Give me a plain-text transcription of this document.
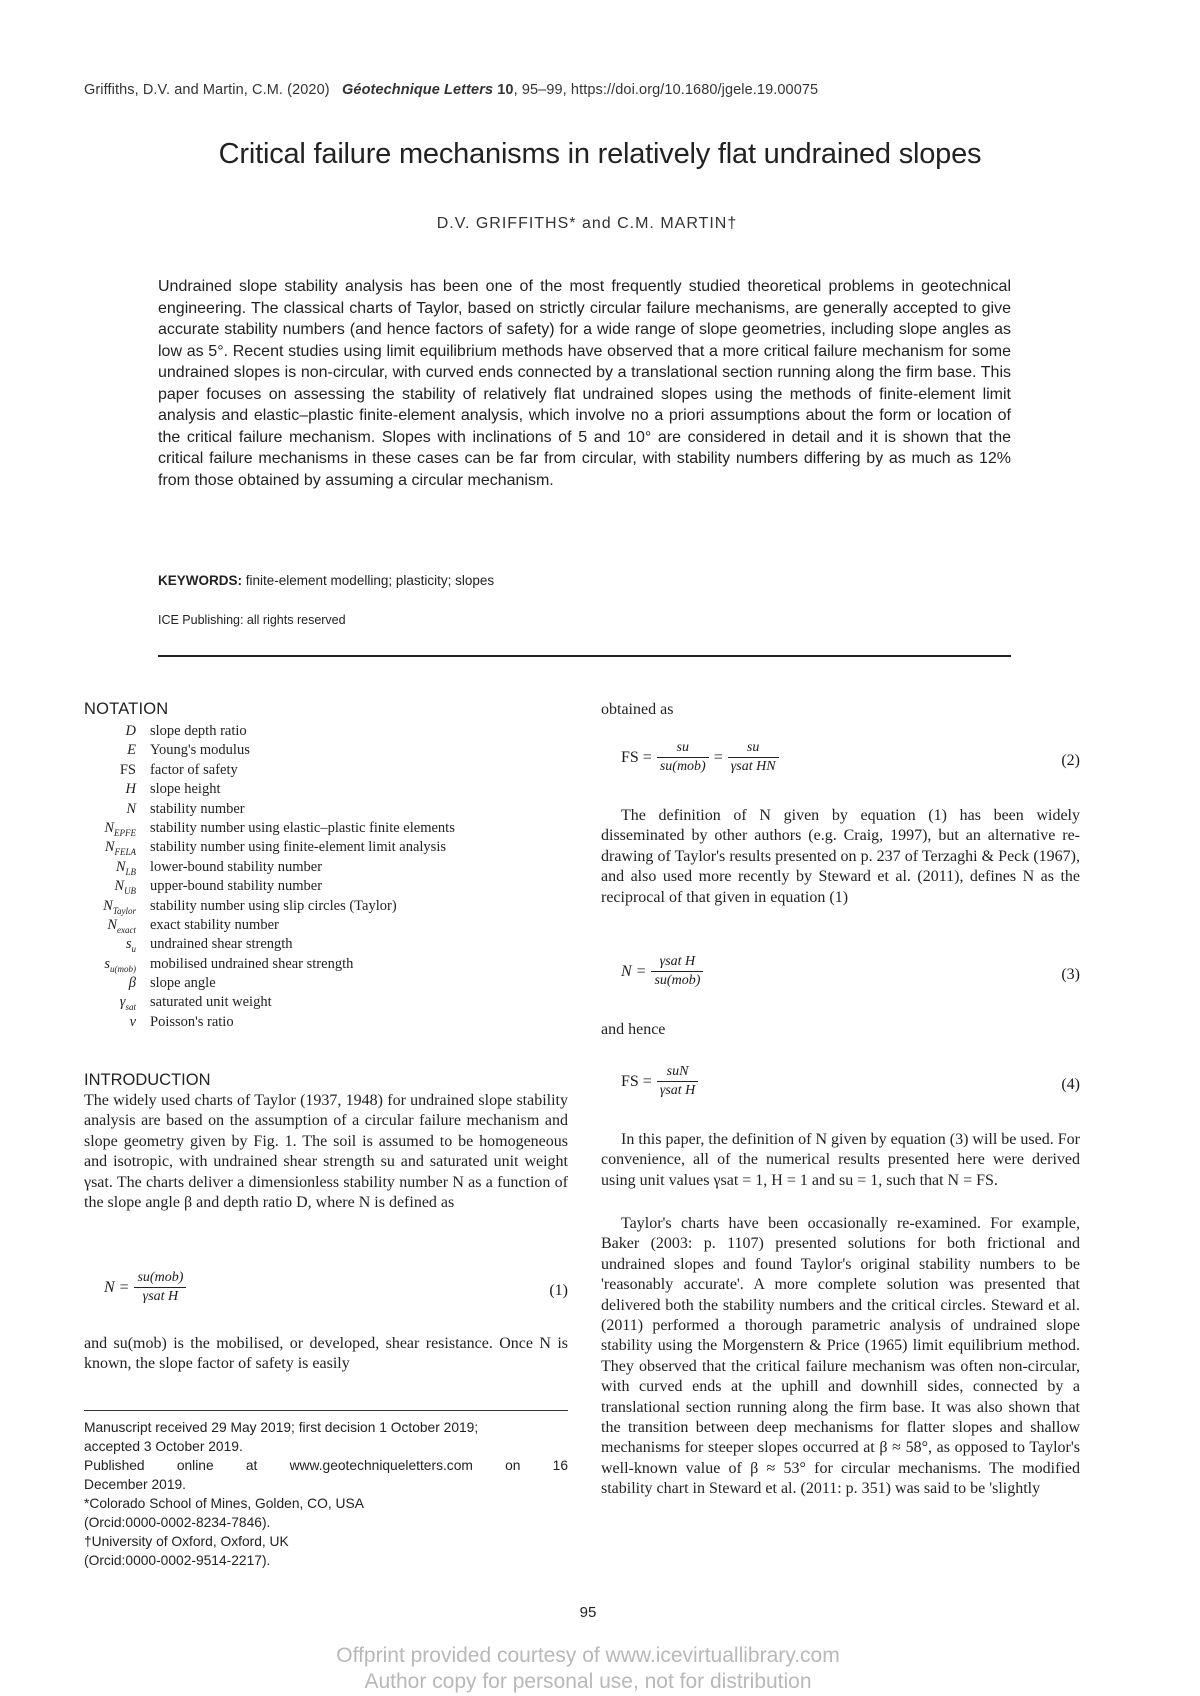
Griffiths, D.V. and Martin, C.M. (2020) Géotechnique Letters 10, 95–99, https://doi.org/10.1680/jgele.19.00075
Critical failure mechanisms in relatively flat undrained slopes
D.V. GRIFFITHS* and C.M. MARTIN†
Undrained slope stability analysis has been one of the most frequently studied theoretical problems in geotechnical engineering. The classical charts of Taylor, based on strictly circular failure mechanisms, are generally accepted to give accurate stability numbers (and hence factors of safety) for a wide range of slope geometries, including slope angles as low as 5°. Recent studies using limit equilibrium methods have observed that a more critical failure mechanism for some undrained slopes is non-circular, with curved ends connected by a translational section running along the firm base. This paper focuses on assessing the stability of relatively flat undrained slopes using the methods of finite-element limit analysis and elastic–plastic finite-element analysis, which involve no a priori assumptions about the form or location of the critical failure mechanism. Slopes with inclinations of 5 and 10° are considered in detail and it is shown that the critical failure mechanisms in these cases can be far from circular, with stability numbers differing by as much as 12% from those obtained by assuming a circular mechanism.
KEYWORDS: finite-element modelling; plasticity; slopes
ICE Publishing: all rights reserved
NOTATION
D slope depth ratio
E Young's modulus
FS factor of safety
H slope height
N stability number
$N_{EPFE}$ stability number using elastic–plastic finite elements
$N_{FELA}$ stability number using finite-element limit analysis
$N_{LB}$ lower-bound stability number
$N_{UB}$ upper-bound stability number
$N_{Taylor}$ stability number using slip circles (Taylor)
$N_{exact}$ exact stability number
$s_u$ undrained shear strength
$s_{u(mob)}$ mobilised undrained shear strength
β slope angle
$\gamma_{sat}$ saturated unit weight
ν Poisson's ratio
INTRODUCTION

The widely used charts of Taylor (1937, 1948) for undrained slope stability analysis are based on the assumption of a circular failure mechanism and slope geometry given by Fig. 1. The soil is assumed to be homogeneous and isotropic, with undrained shear strength su and saturated unit weight γsat. The charts deliver a dimensionless stability number N as a function of the slope angle β and depth ratio D, where N is defined as

$N = \frac{\text{su(mob)}}{\text{γsat H}}$	(1)

and su(mob) is the mobilised, or developed, shear resistance. Once N is known, the slope factor of safety is easily

Manuscript received 29 May 2019; first decision 1 October 2019;

accepted 3 October 2019.

Published online at www.geotechniqueletters.com on 16

December 2019.

*Colorado School of Mines, Golden, CO, USA

(Orcid:0000-0002-8234-7846).

†University of Oxford, Oxford, UK

(Orcid:0000-0002-9514-2217).

obtained as

FS = $\frac{su}{\text{su(mob)}} = \frac{su}{\text{γsat HN}}$	(2)

The definition of N given by equation (1) has been widely disseminated by other authors (e.g. Craig, 1997), but an alternative re-drawing of Taylor's results presented on p. 237 of Terzaghi & Peck (1967), and also used more recently by Steward et al. (2011), defines N as the reciprocal of that given in equation (1)

$N = \frac{\text{γsat H}}{\text{su(mob)}}$	(3)

and hence

FS = $\frac{\text{suN}}{\text{γsat H}}$	(4)

In this paper, the definition of N given by equation (3) will be used. For convenience, all of the numerical results presented here were derived using unit values γsat = 1, H = 1 and su = 1, such that N = FS.

Taylor's charts have been occasionally re-examined. For example, Baker (2003: p. 1107) presented solutions for both frictional and undrained slopes and found Taylor's original stability numbers to be 'reasonably accurate'. A more complete solution was presented that delivered both the stability numbers and the critical circles. Steward et al. (2011) performed a thorough parametric analysis of undrained slope stability using the Morgenstern & Price (1965) limit equilibrium method. They observed that the critical failure mechanism was often non-circular, with curved ends at the uphill and downhill sides, connected by a translational section running along the firm base. It was also shown that the transition between deep mechanisms for flatter slopes and shallow mechanisms for steeper slopes occurred at β ≈ 58°, as opposed to Taylor's well-known value of β ≈ 53° for circular mechanisms. The modified stability chart in Steward et al. (2011: p. 351) was said to be 'slightly

95
Offprint provided courtesy of www.icevirtuallibrary.com
Author copy for personal use, not for distribution
